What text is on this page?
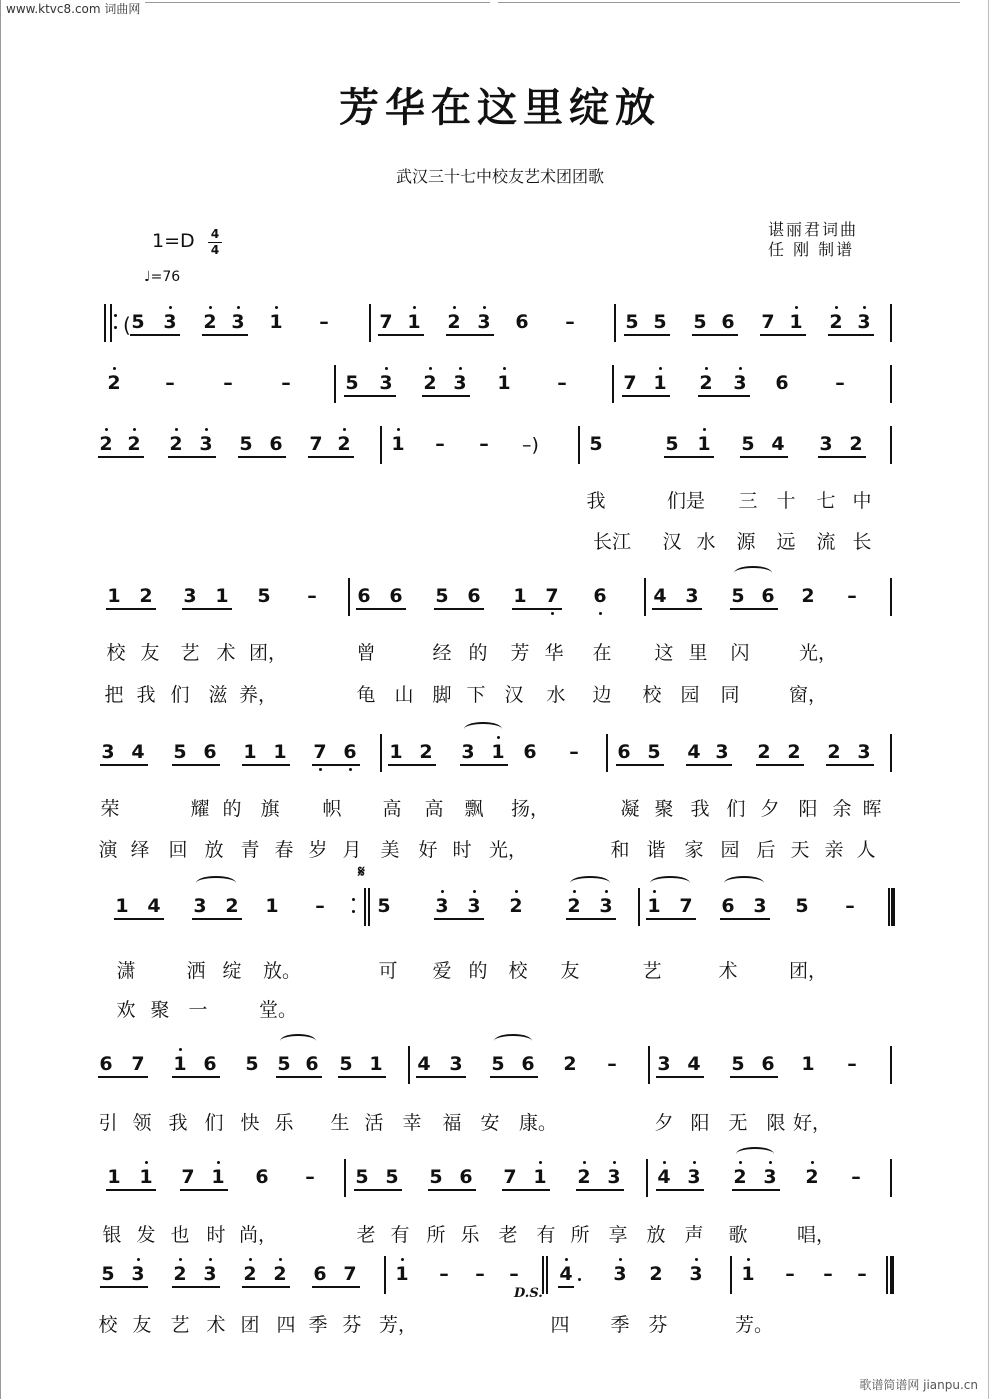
www.ktvc8.com 词曲网
芳华在这里绽放
武汉三十七中校友艺术团团歌
谌丽君词曲
任 刚 制谱
1=D 4
4
♩=76
5 3 2 3 1 –	7 1 2 3 6 –	5 5 5 6 7 1 2 3
2 –	–	–	5 3 2 3 1 –	7 1 2 3 6 –
2 2 2 3 5 6 7 2 1 – –	5	5 1 5 4 3 2
1 2 3 1 5 – 6 6 5 6 1 7 6 4 3 5 6 2 –
3 4 5 6 1 1 7 6 1 2 3 1 6 – 6 5 4 3 2 2 2 3
1 4 3 2 1 –	5 3 3 2 2 3 1 7 6 3 5 –
6 7 1 6 5 5 6 5 1 4 3 5 6 2 – 3 4 5 6 1 –
1 1 7 1 6 – 5 5 5 6 7 1 2 3 4 3 2 3 2 –
5 3 2 3 2 2 6 7 1 – – – 4 3 2 3 1 – – –
(
–)
𝄋
D.S.
我	们是 三 十 七 中
长江 汉 水 源 远 流 长
校 友 艺 术 团，	曾	经 的 芳 华 在 这 里 闪	光，
把 我 们 滋 养，	龟 山 脚 下 汉 水 边 校 园 同	窗，
荣	耀 的 旗 帜 高 高 飘 扬，	凝 聚 我 们 夕 阳 余 晖
演 绎 回 放 青 春 岁 月 美 好 时 光，	和 谐 家 园 后 天 亲 人
潇	洒 绽 放。	可 爱 的 校 友	艺	术	团，
欢 聚 一	堂。
引 领 我 们 快 乐 生 活 幸 福 安 康。	夕 阳 无 限 好，
银 发 也 时 尚，	老 有 所 乐 老 有 所 享 放 声 歌	唱，
校 友 艺 术 团 四 季 芬 芳，	四 季 芬	芳。
歌谱简谱网 jianpu.cn
